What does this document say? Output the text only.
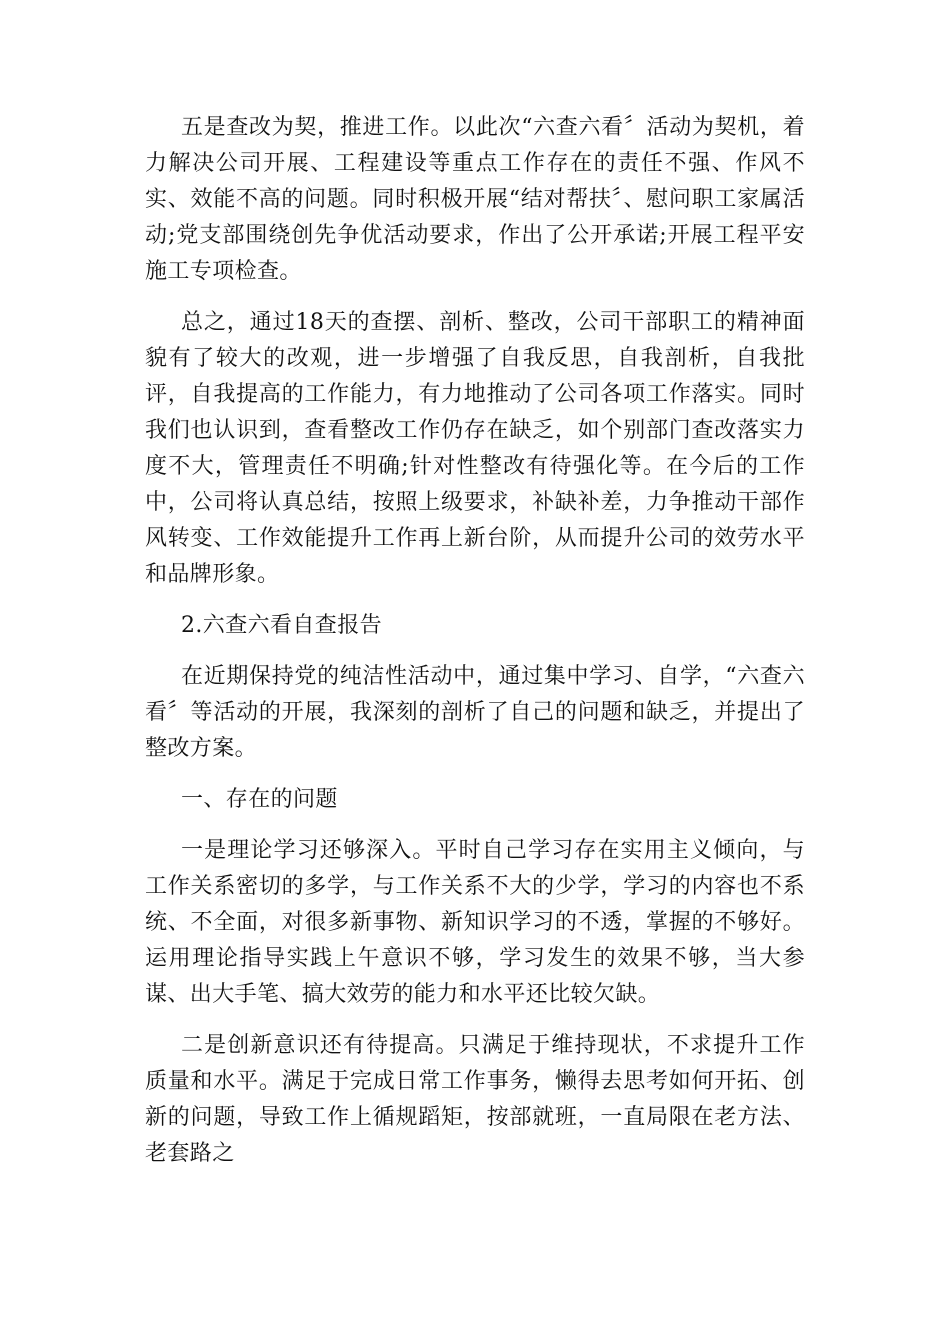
五是查改为契，推进工作。以此次“六查六看〞活动为契机，着力解决公司开展、工程建设等重点工作存在的责任不强、作风不实、效能不高的问题。同时积极开展“结对帮扶〞、慰问职工家属活动;党支部围绕创先争优活动要求，作出了公开承诺;开展工程平安施工专项检查。

总之，通过18天的查摆、剖析、整改，公司干部职工的精神面貌有了较大的改观，进一步增强了自我反思，自我剖析，自我批评，自我提高的工作能力，有力地推动了公司各项工作落实。同时我们也认识到，查看整改工作仍存在缺乏，如个别部门查改落实力度不大，管理责任不明确;针对性整改有待强化等。在今后的工作中，公司将认真总结，按照上级要求，补缺补差，力争推动干部作风转变、工作效能提升工作再上新台阶，从而提升公司的效劳水平和品牌形象。

2.六查六看自查报告

在近期保持党的纯洁性活动中，通过集中学习、自学，“六查六看〞等活动的开展，我深刻的剖析了自己的问题和缺乏，并提出了整改方案。

一、存在的问题

一是理论学习还够深入。平时自己学习存在实用主义倾向，与工作关系密切的多学，与工作关系不大的少学，学习的内容也不系统、不全面，对很多新事物、新知识学习的不透，掌握的不够好。运用理论指导实践上午意识不够，学习发生的效果不够，当大参谋、出大手笔、搞大效劳的能力和水平还比较欠缺。

二是创新意识还有待提高。只满足于维持现状，不求提升工作质量和水平。满足于完成日常工作事务，懒得去思考如何开拓、创新的问题，导致工作上循规蹈矩，按部就班，一直局限在老方法、老套路之
